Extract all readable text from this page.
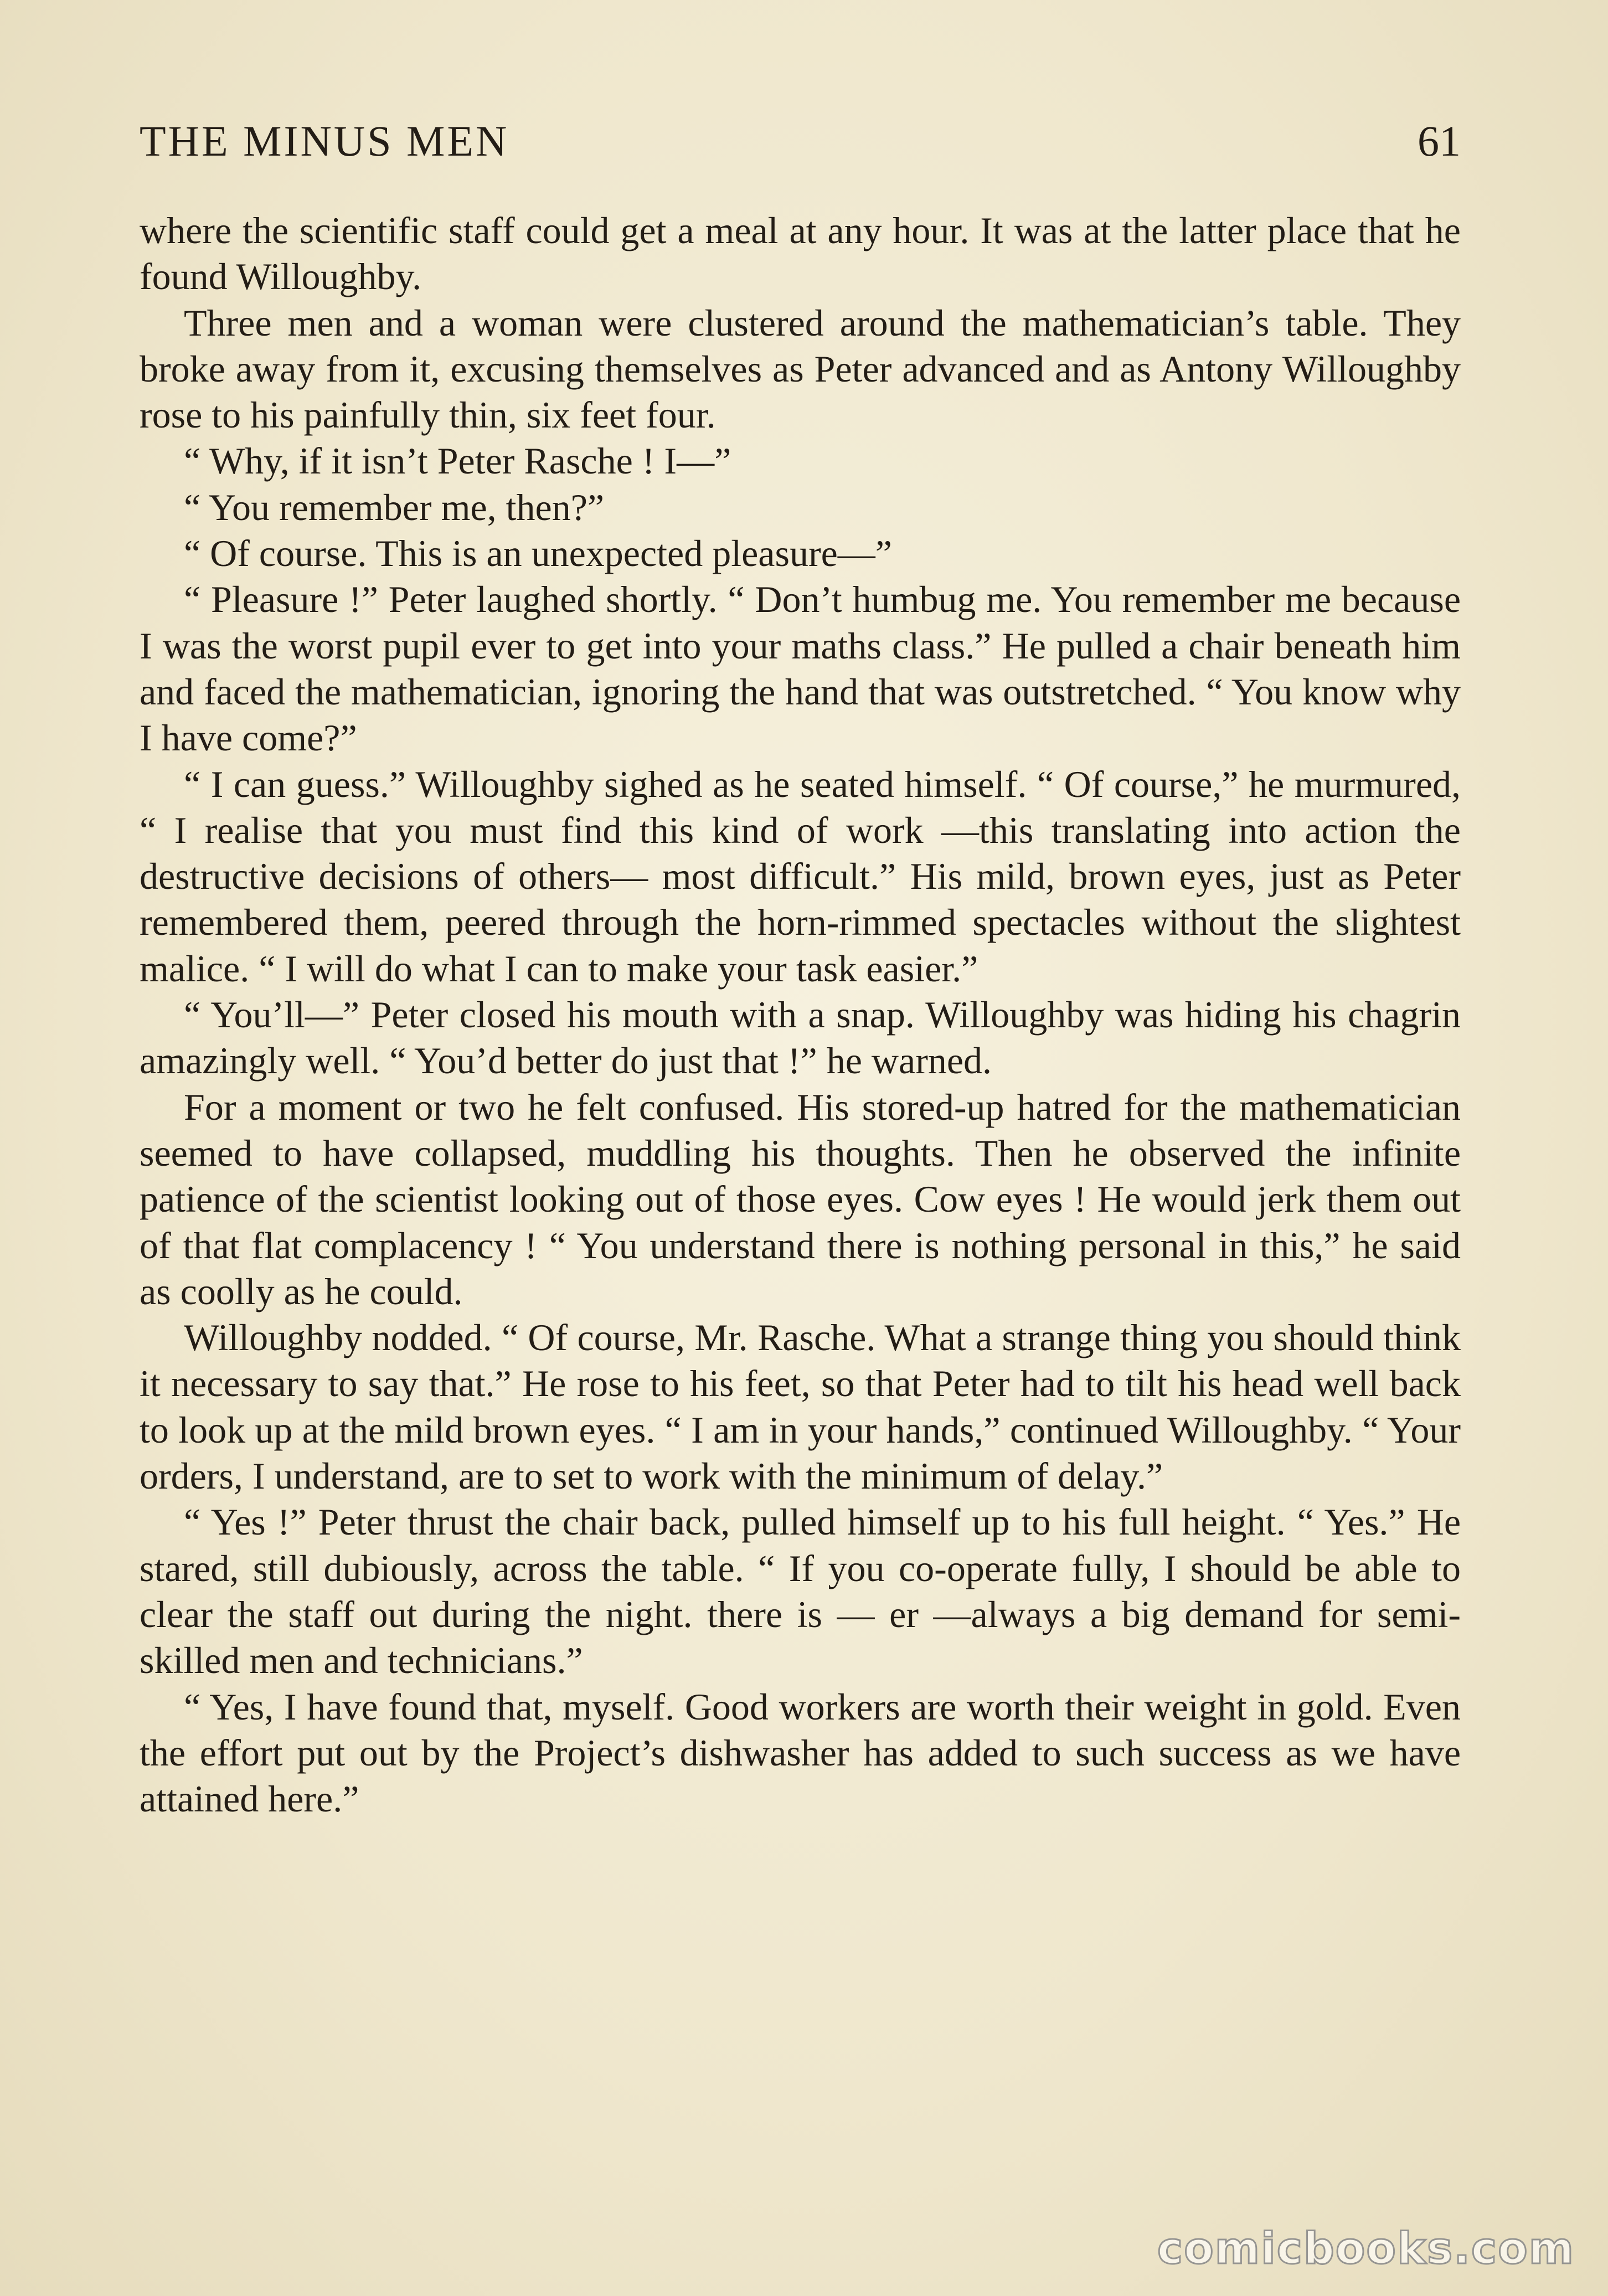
THE MINUS MEN	61

where the scientific staff could get a meal at any hour. It was at the latter place that he found Willoughby.

Three men and a woman were clustered around the mathematician’s table. They broke away from it, excusing themselves as Peter advanced and as Antony Willoughby rose to his painfully thin, six feet four.

“ Why, if it isn’t Peter Rasche ! I—”

“ You remember me, then?”

“ Of course. This is an unexpected pleasure—”

“ Pleasure !” Peter laughed shortly. “ Don’t humbug me. You remember me because I was the worst pupil ever to get into your maths class.” He pulled a chair beneath him and faced the mathematician, ignoring the hand that was outstretched. “ You know why I have come?”

“ I can guess.” Willoughby sighed as he seated himself. “ Of course,” he murmured, “ I realise that you must find this kind of work —this translating into action the destructive decisions of others— most difficult.” His mild, brown eyes, just as Peter remembered them, peered through the horn-rimmed spectacles without the slightest malice. “ I will do what I can to make your task easier.”

“ You’ll—” Peter closed his mouth with a snap. Willoughby was hiding his chagrin amazingly well. “ You’d better do just that !” he warned.

For a moment or two he felt confused. His stored-up hatred for the mathematician seemed to have collapsed, muddling his thoughts. Then he observed the infinite patience of the scientist looking out of those eyes. Cow eyes ! He would jerk them out of that flat complacency ! “ You understand there is nothing personal in this,” he said as coolly as he could.

Willoughby nodded. “ Of course, Mr. Rasche. What a strange thing you should think it necessary to say that.” He rose to his feet, so that Peter had to tilt his head well back to look up at the mild brown eyes. “ I am in your hands,” continued Willoughby. “ Your orders, I understand, are to set to work with the minimum of delay.”

“ Yes !” Peter thrust the chair back, pulled himself up to his full height. “ Yes.” He stared, still dubiously, across the table. “ If you co-operate fully, I should be able to clear the staff out during the night. there is — er —always a big demand for semi-skilled men and technicians.”

“ Yes, I have found that, myself. Good workers are worth their weight in gold. Even the effort put out by the Project’s dishwasher has added to such success as we have attained here.”

comicbooks.com
